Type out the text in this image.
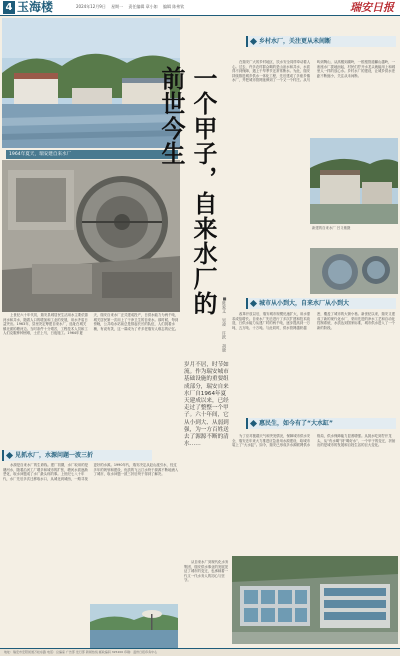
4 玉海楼	2024年12月9日 星期一 责任编辑 章小如 编辑 陈弗钦	瑞安日报
1964年夏天，瑞安建自来水厂

上世纪六十年代初，瑞安县城居民生活用水主要依靠河水和井水，随着人口的增加和工业的发展，用水矛盾日益突出。1963年，县里决定筹建自来水厂，选址在城关镇北面的塘河边。当时条件十分艰苦，工程技术人员和工人们克服种种困难，土法上马，日夜施工。1964年夏天，瑞安自来水厂正式建成投产，日供水能力为两千吨，城关居民第一次用上了干净卫生的自来水。那时候，每到傍晚，公共给水站前总是排起长长的队伍，人们挑着水桶，有说有笑，这一幕成为了许多老瑞安人难忘的记忆。

见抓水厂，水源问题一波三折

水源是自来水厂的生命线。建厂初期，水厂取用的是塘河水，随着沿河工厂增多和城市的扩张，塘河水质逐渐恶化，取水问题成了水厂最头疼的事。上世纪七八十年代，水厂先后多次迁移取水口，从城北到城西，一路寻找更好的水源。1990年代，瑞安决定从赵山渡引水，经过多年的规划和建设，优质的飞云江水终于源源不断地流入了城市，取水问题一波三折后终于得到了解决。

一个甲子，自来水厂的前世今生
■陈爱文 吴凌 许跃 胡晓
岁月不居，时节如流。作为瑞安城市基础设施的重要组成部分，瑞安自来水厂自1964年夏天建成以来，已经走过了整整一个甲子。六十年间，它从小到大、从弱到强，为一方百姓送去了源源不断的清水……

从自来水厂到现代化水务集团，瑞安供水事业的发展见证了城市的变迁，也承载着一代又一代水务人的初心与坚守。

乡村水厂，关注更从未间断

在瑞安广大的乡村地区，饮水安全同样牵动着人心。过去，许多农村群众喝的是山泉水和井水，水质得不到保障，遇上干旱季节还常常断水。为此，瑞安持续推进城乡供水一体化工程，先后建成了多座乡镇水厂，并把城市管网延伸到了一个又一个村庄。从马屿到陶山，从高楼到湖岭，一根根管道翻山越岭，一座座水厂拔地而起，村民们拧开水龙头就能用上和城里人一样的放心水。乡村水厂的建设，让城乡供水差距不断缩小，关注从未间断。

新建的自来水厂 吕义敏摄
城市从小到大，自来水厂从小到大

改革开放以后，瑞安城市规模迅速扩大，用水需求成倍增长。自来水厂先后进行了多次扩建和技术改造，日供水能力从建厂时的两千吨，逐步提高到一万吨、五万吨、十万吨。与此同时，供水管网越织越密，覆盖了城市的大街小巷。新世纪以来，瑞安又建成了新的现代化水厂，采用先进的净水工艺和自动化控制系统，水质达到国家标准，城市供水进入了一个新的阶段。

惠民生，如今有了“大水缸”

为了应对极端天气和突发情况，保障城市供水安全，瑞安近年来大力推进应急备用水源建设，给城市装上了“大水缸”。如今，瑞安已形成多水源联网供水格局，供水保障能力显著增强。从挑水吃到拧开龙头，从“有水喝”到“喝好水”，一个甲子的变迁，折射出的是城市的发展和百姓生活的巨大变化。

地址：瑞安市安阳街道万松东路 电话：总编室 广告部 发行部 新闻热线 邮政编码 325200 印刷：温州日报印务中心
